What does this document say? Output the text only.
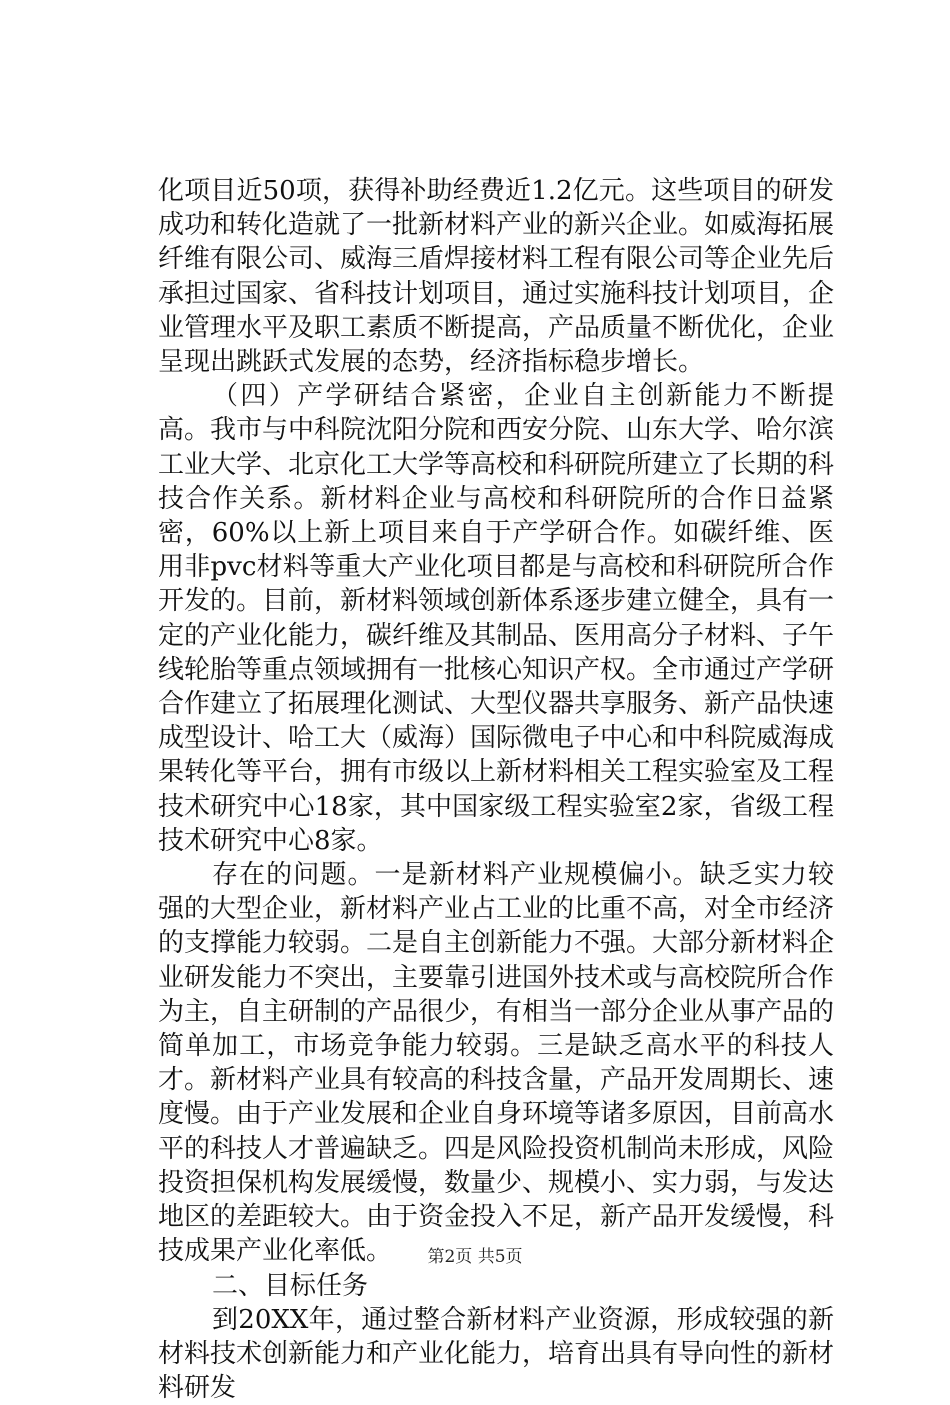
化项目近50项，获得补助经费近1.2亿元。这些项目的研发成功和转化造就了一批新材料产业的新兴企业。如威海拓展纤维有限公司、威海三盾焊接材料工程有限公司等企业先后承担过国家、省科技计划项目，通过实施科技计划项目，企业管理水平及职工素质不断提高，产品质量不断优化，企业呈现出跳跃式发展的态势，经济指标稳步增长。

（四）产学研结合紧密，企业自主创新能力不断提高。我市与中科院沈阳分院和西安分院、山东大学、哈尔滨工业大学、北京化工大学等高校和科研院所建立了长期的科技合作关系。新材料企业与高校和科研院所的合作日益紧密，60%以上新上项目来自于产学研合作。如碳纤维、医用非pvc材料等重大产业化项目都是与高校和科研院所合作开发的。目前，新材料领域创新体系逐步建立健全，具有一定的产业化能力，碳纤维及其制品、医用高分子材料、子午线轮胎等重点领域拥有一批核心知识产权。全市通过产学研合作建立了拓展理化测试、大型仪器共享服务、新产品快速成型设计、哈工大（威海）国际微电子中心和中科院威海成果转化等平台，拥有市级以上新材料相关工程实验室及工程技术研究中心18家，其中国家级工程实验室2家，省级工程技术研究中心8家。

存在的问题。一是新材料产业规模偏小。缺乏实力较强的大型企业，新材料产业占工业的比重不高，对全市经济的支撑能力较弱。二是自主创新能力不强。大部分新材料企业研发能力不突出，主要靠引进国外技术或与高校院所合作为主，自主研制的产品很少，有相当一部分企业从事产品的简单加工，市场竞争能力较弱。三是缺乏高水平的科技人才。新材料产业具有较高的科技含量，产品开发周期长、速度慢。由于产业发展和企业自身环境等诸多原因，目前高水平的科技人才普遍缺乏。四是风险投资机制尚未形成，风险投资担保机构发展缓慢，数量少、规模小、实力弱，与发达地区的差距较大。由于资金投入不足，新产品开发缓慢，科技成果产业化率低。

二、目标任务

到20XX年，通过整合新材料产业资源，形成较强的新材料技术创新能力和产业化能力，培育出具有导向性的新材料研发

第2页 共5页
